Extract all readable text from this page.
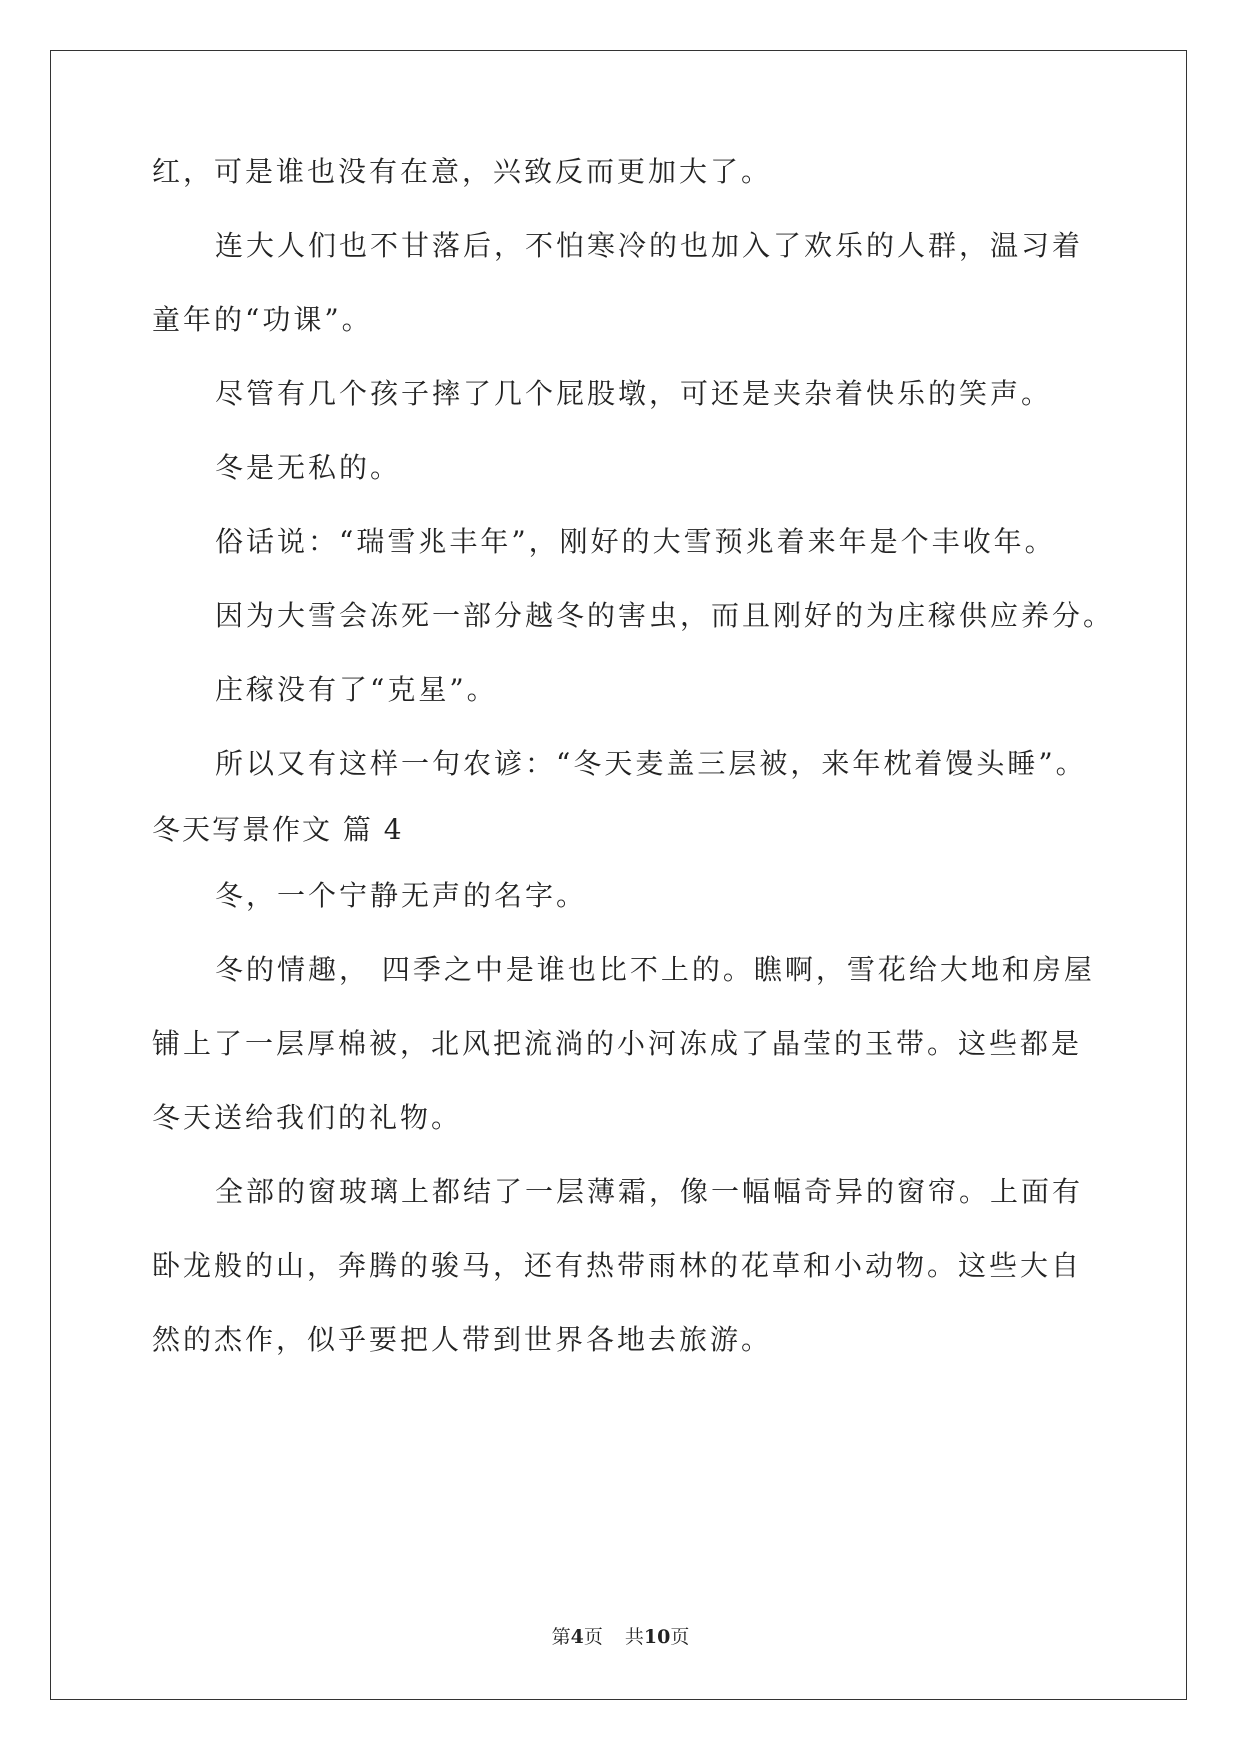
红，可是谁也没有在意，兴致反而更加大了。
连大人们也不甘落后，不怕寒冷的也加入了欢乐的人群，温习着
童年的“功课”。
尽管有几个孩子摔了几个屁股墩，可还是夹杂着快乐的笑声。
冬是无私的。
俗话说：“瑞雪兆丰年”，刚好的大雪预兆着来年是个丰收年。
因为大雪会冻死一部分越冬的害虫，而且刚好的为庄稼供应养分。
庄稼没有了“克星”。
所以又有这样一句农谚：“冬天麦盖三层被，来年枕着馒头睡”。
冬天写景作文 篇 4
冬，一个宁静无声的名字。
冬的情趣， 四季之中是谁也比不上的。瞧啊，雪花给大地和房屋
铺上了一层厚棉被，北风把流淌的小河冻成了晶莹的玉带。这些都是
冬天送给我们的礼物。
全部的窗玻璃上都结了一层薄霜，像一幅幅奇异的窗帘。上面有
卧龙般的山，奔腾的骏马，还有热带雨林的花草和小动物。这些大自
然的杰作，似乎要把人带到世界各地去旅游。
第4页 共10页
